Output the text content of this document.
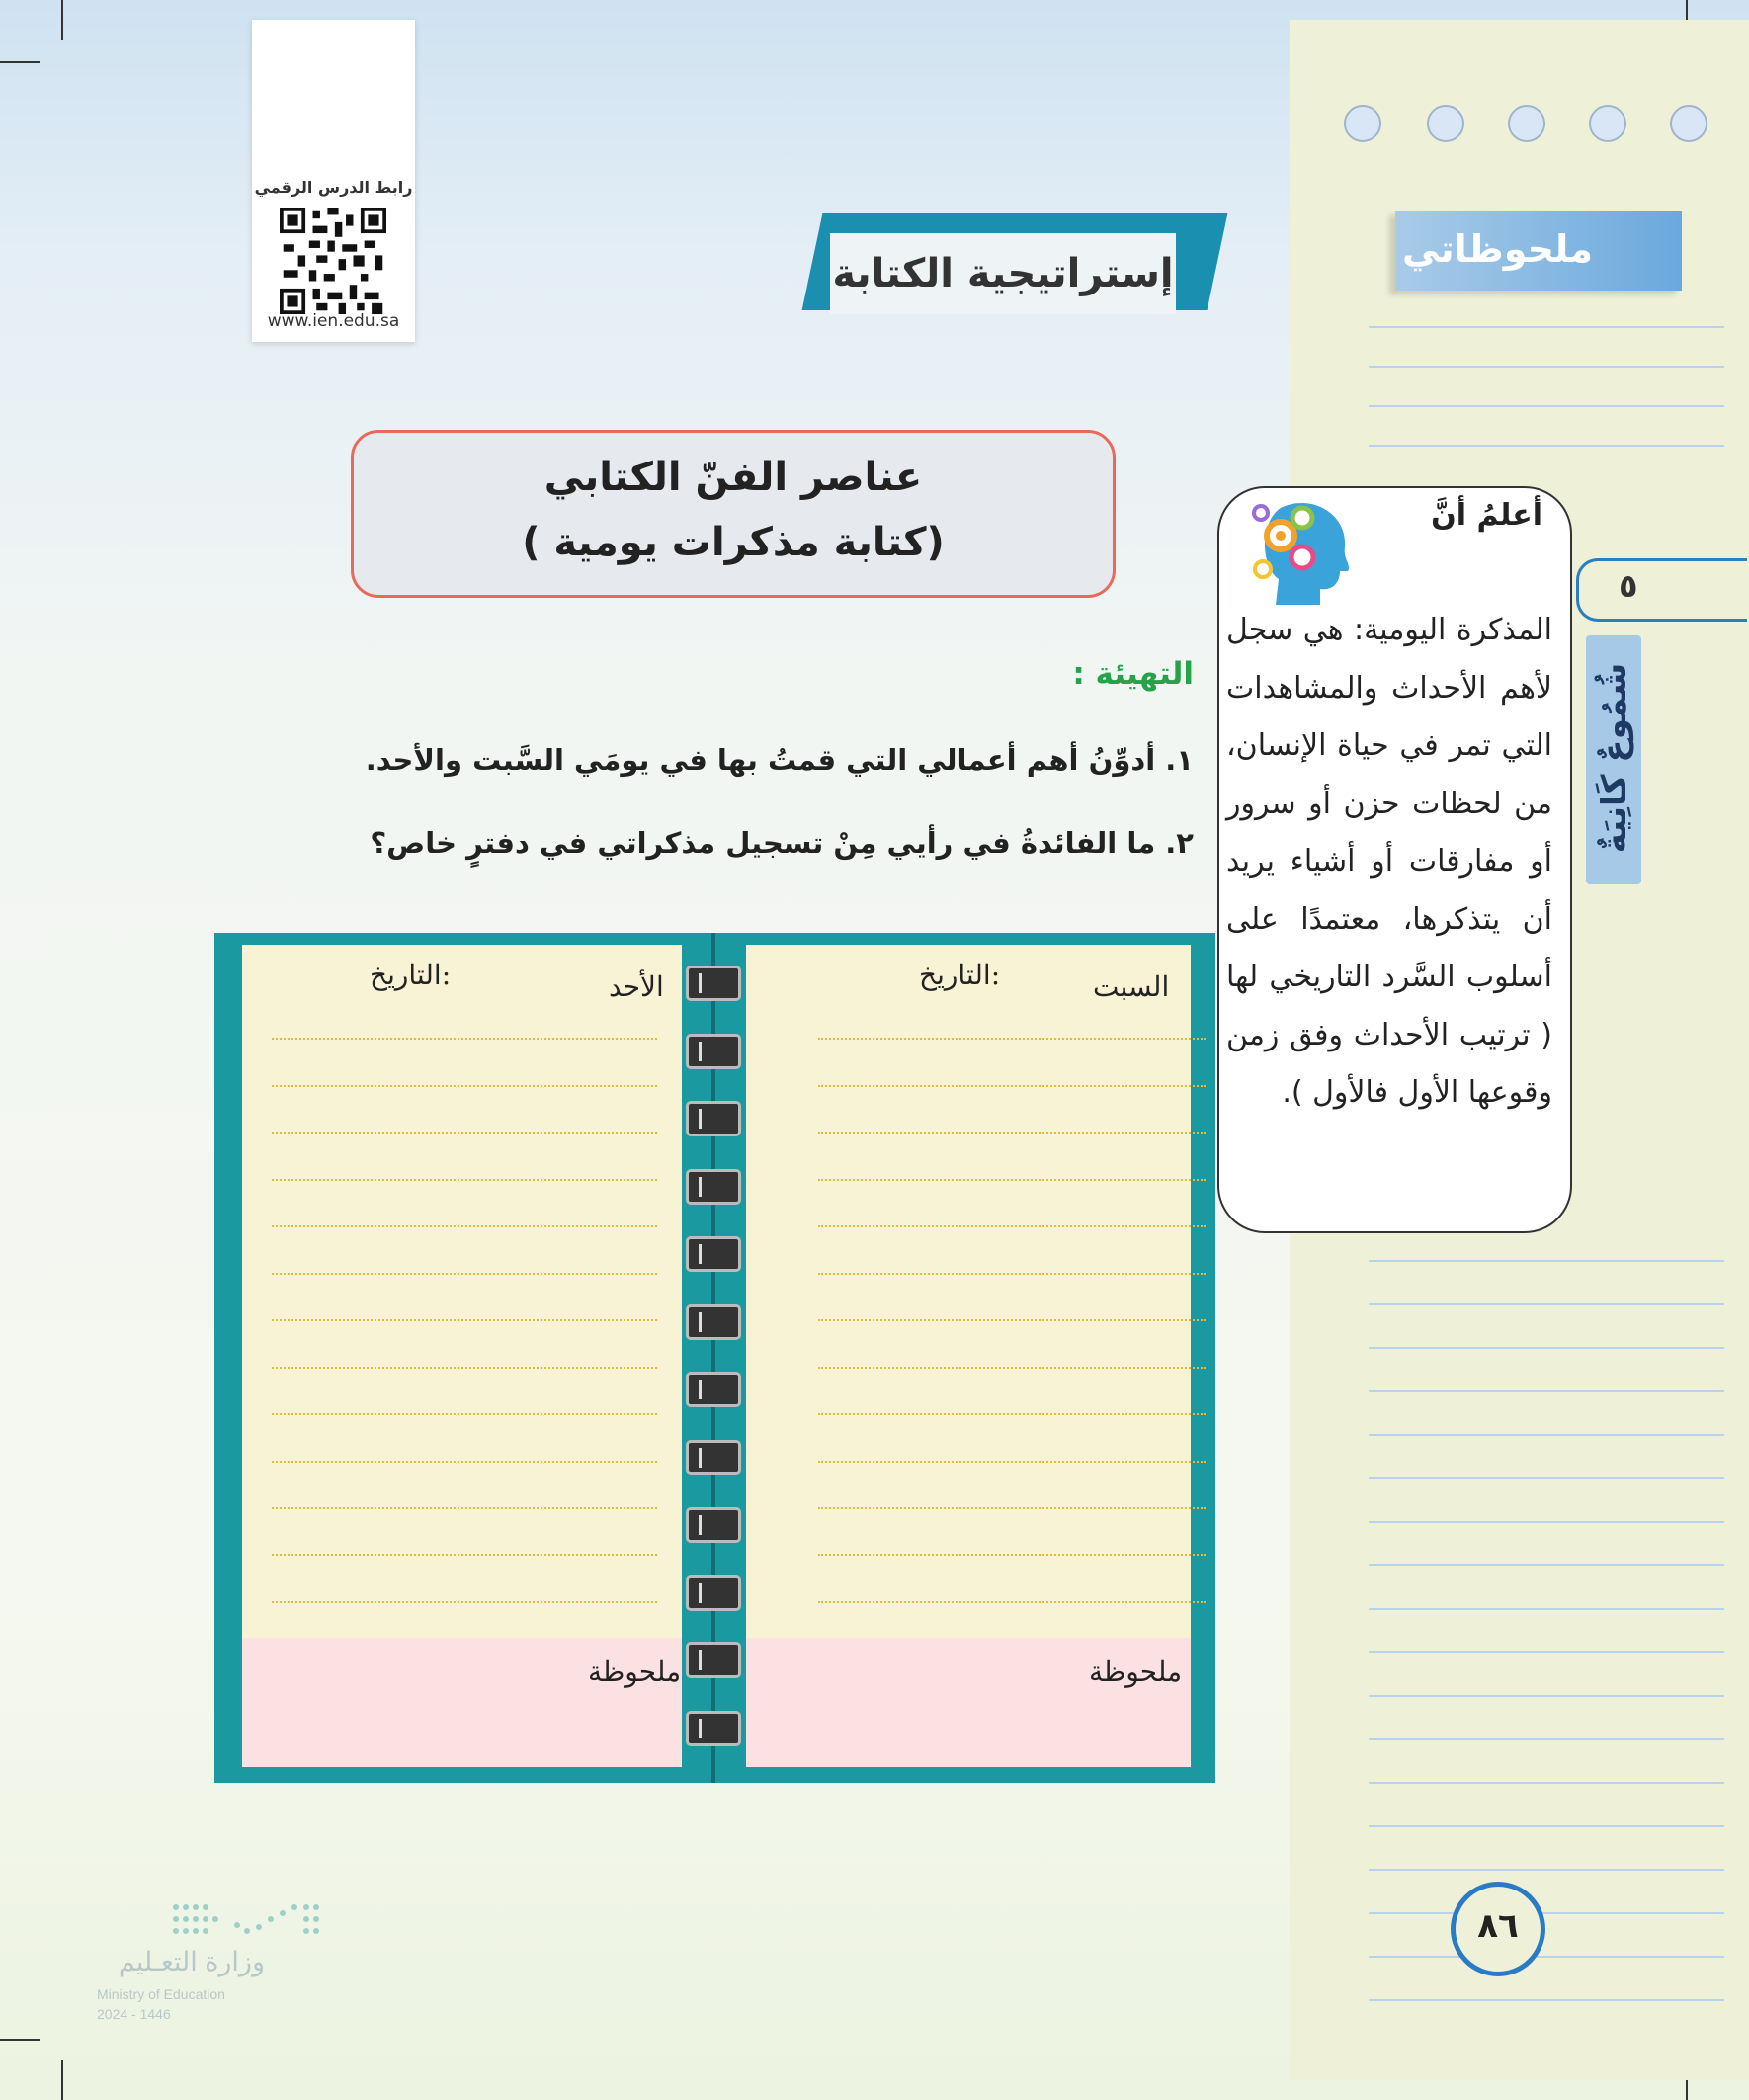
ملحوظاتي
رابط الدرس الرقمي
www.ien.edu.sa
إستراتيجية الكتابة
عناصر الفنّ الكتابي
( كتابة مذكرات يومية)
التهيئة :
١. أدوِّنُ أهم أعمالي التي قمتُ بها في يومَي السَّبت والأحد.
٢. ما الفائدةُ في رأيي مِنْ تسجيل مذكراتي في دفترٍ خاص؟
أعلمُ أنَّ
المذكرة اليومية: هي سجل لأهم الأحداث والمشاهدات التي تمر في حياة الإنسان، من لحظات حزن أو سرور أو مفارقات أو أشياء يريد أن يتذكرها، معتمدًا على أسلوب السَّرد التاريخي لها ( ترتيب الأحداث وفق زمن وقوعها الأول فالأول ).
٥
شُمُوعٌ كَانِيَةٌ
الأحد
التاريخ:	السبت
التاريخ:
ملحوظة	ملحوظة
٨٦
وزارة التعـليم
Ministry of Education
2024 - 1446
